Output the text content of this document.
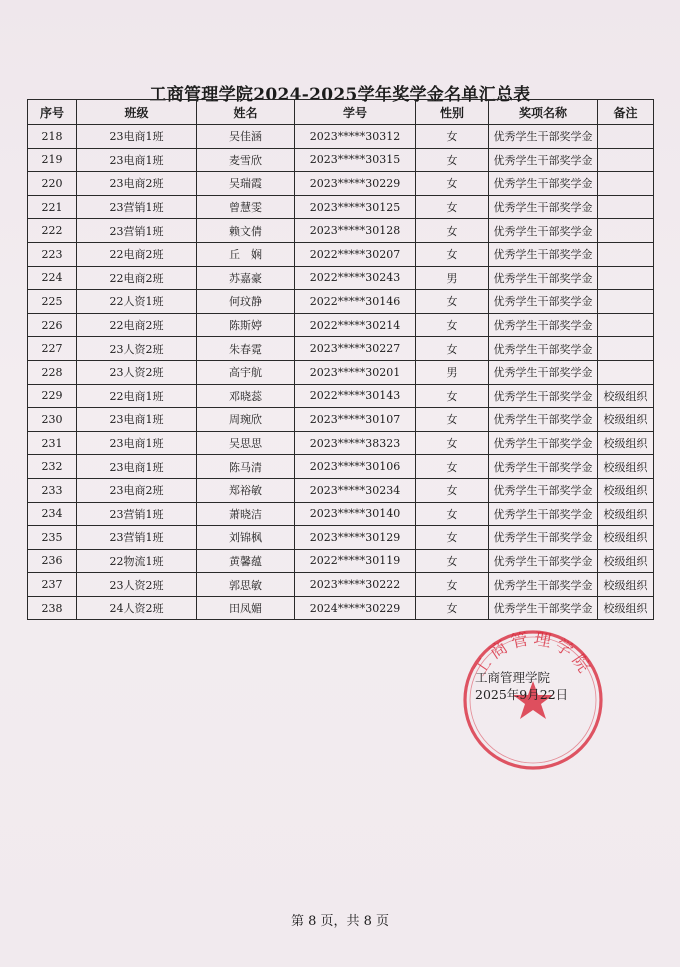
工商管理学院2024-2025学年奖学金名单汇总表
序号	班级	姓名	学号	性别	奖项名称	备注
218	23电商1班	吴佳涵	2023*****30312	女	优秀学生干部奖学金	
219	23电商1班	麦雪欣	2023*****30315	女	优秀学生干部奖学金	
220	23电商2班	吴瑞霞	2023*****30229	女	优秀学生干部奖学金	
221	23营销1班	曾慧雯	2023*****30125	女	优秀学生干部奖学金	
222	23营销1班	赖文倩	2023*****30128	女	优秀学生干部奖学金	
223	22电商2班	丘　娴	2022*****30207	女	优秀学生干部奖学金	
224	22电商2班	苏嘉豪	2022*****30243	男	优秀学生干部奖学金	
225	22人资1班	何玟静	2022*****30146	女	优秀学生干部奖学金	
226	22电商2班	陈斯婷	2022*****30214	女	优秀学生干部奖学金	
227	23人资2班	朱春霓	2023*****30227	女	优秀学生干部奖学金	
228	23人资2班	高宇航	2023*****30201	男	优秀学生干部奖学金	
229	22电商1班	邓晓蕊	2022*****30143	女	优秀学生干部奖学金	校级组织
230	23电商1班	周琬欣	2023*****30107	女	优秀学生干部奖学金	校级组织
231	23电商1班	吴思思	2023*****38323	女	优秀学生干部奖学金	校级组织
232	23电商1班	陈马清	2023*****30106	女	优秀学生干部奖学金	校级组织
233	23电商2班	郑裕敏	2023*****30234	女	优秀学生干部奖学金	校级组织
234	23营销1班	萧晓洁	2023*****30140	女	优秀学生干部奖学金	校级组织
235	23营销1班	刘锦枫	2023*****30129	女	优秀学生干部奖学金	校级组织
236	22物流1班	黄馨蕴	2022*****30119	女	优秀学生干部奖学金	校级组织
237	23人资2班	郭思敏	2023*****30222	女	优秀学生干部奖学金	校级组织
238	24人资2班	田凤媚	2024*****30229	女	优秀学生干部奖学金	校级组织
工商管理学院
工商管理学院
2025年9月22日
第 8 页，共 8 页
